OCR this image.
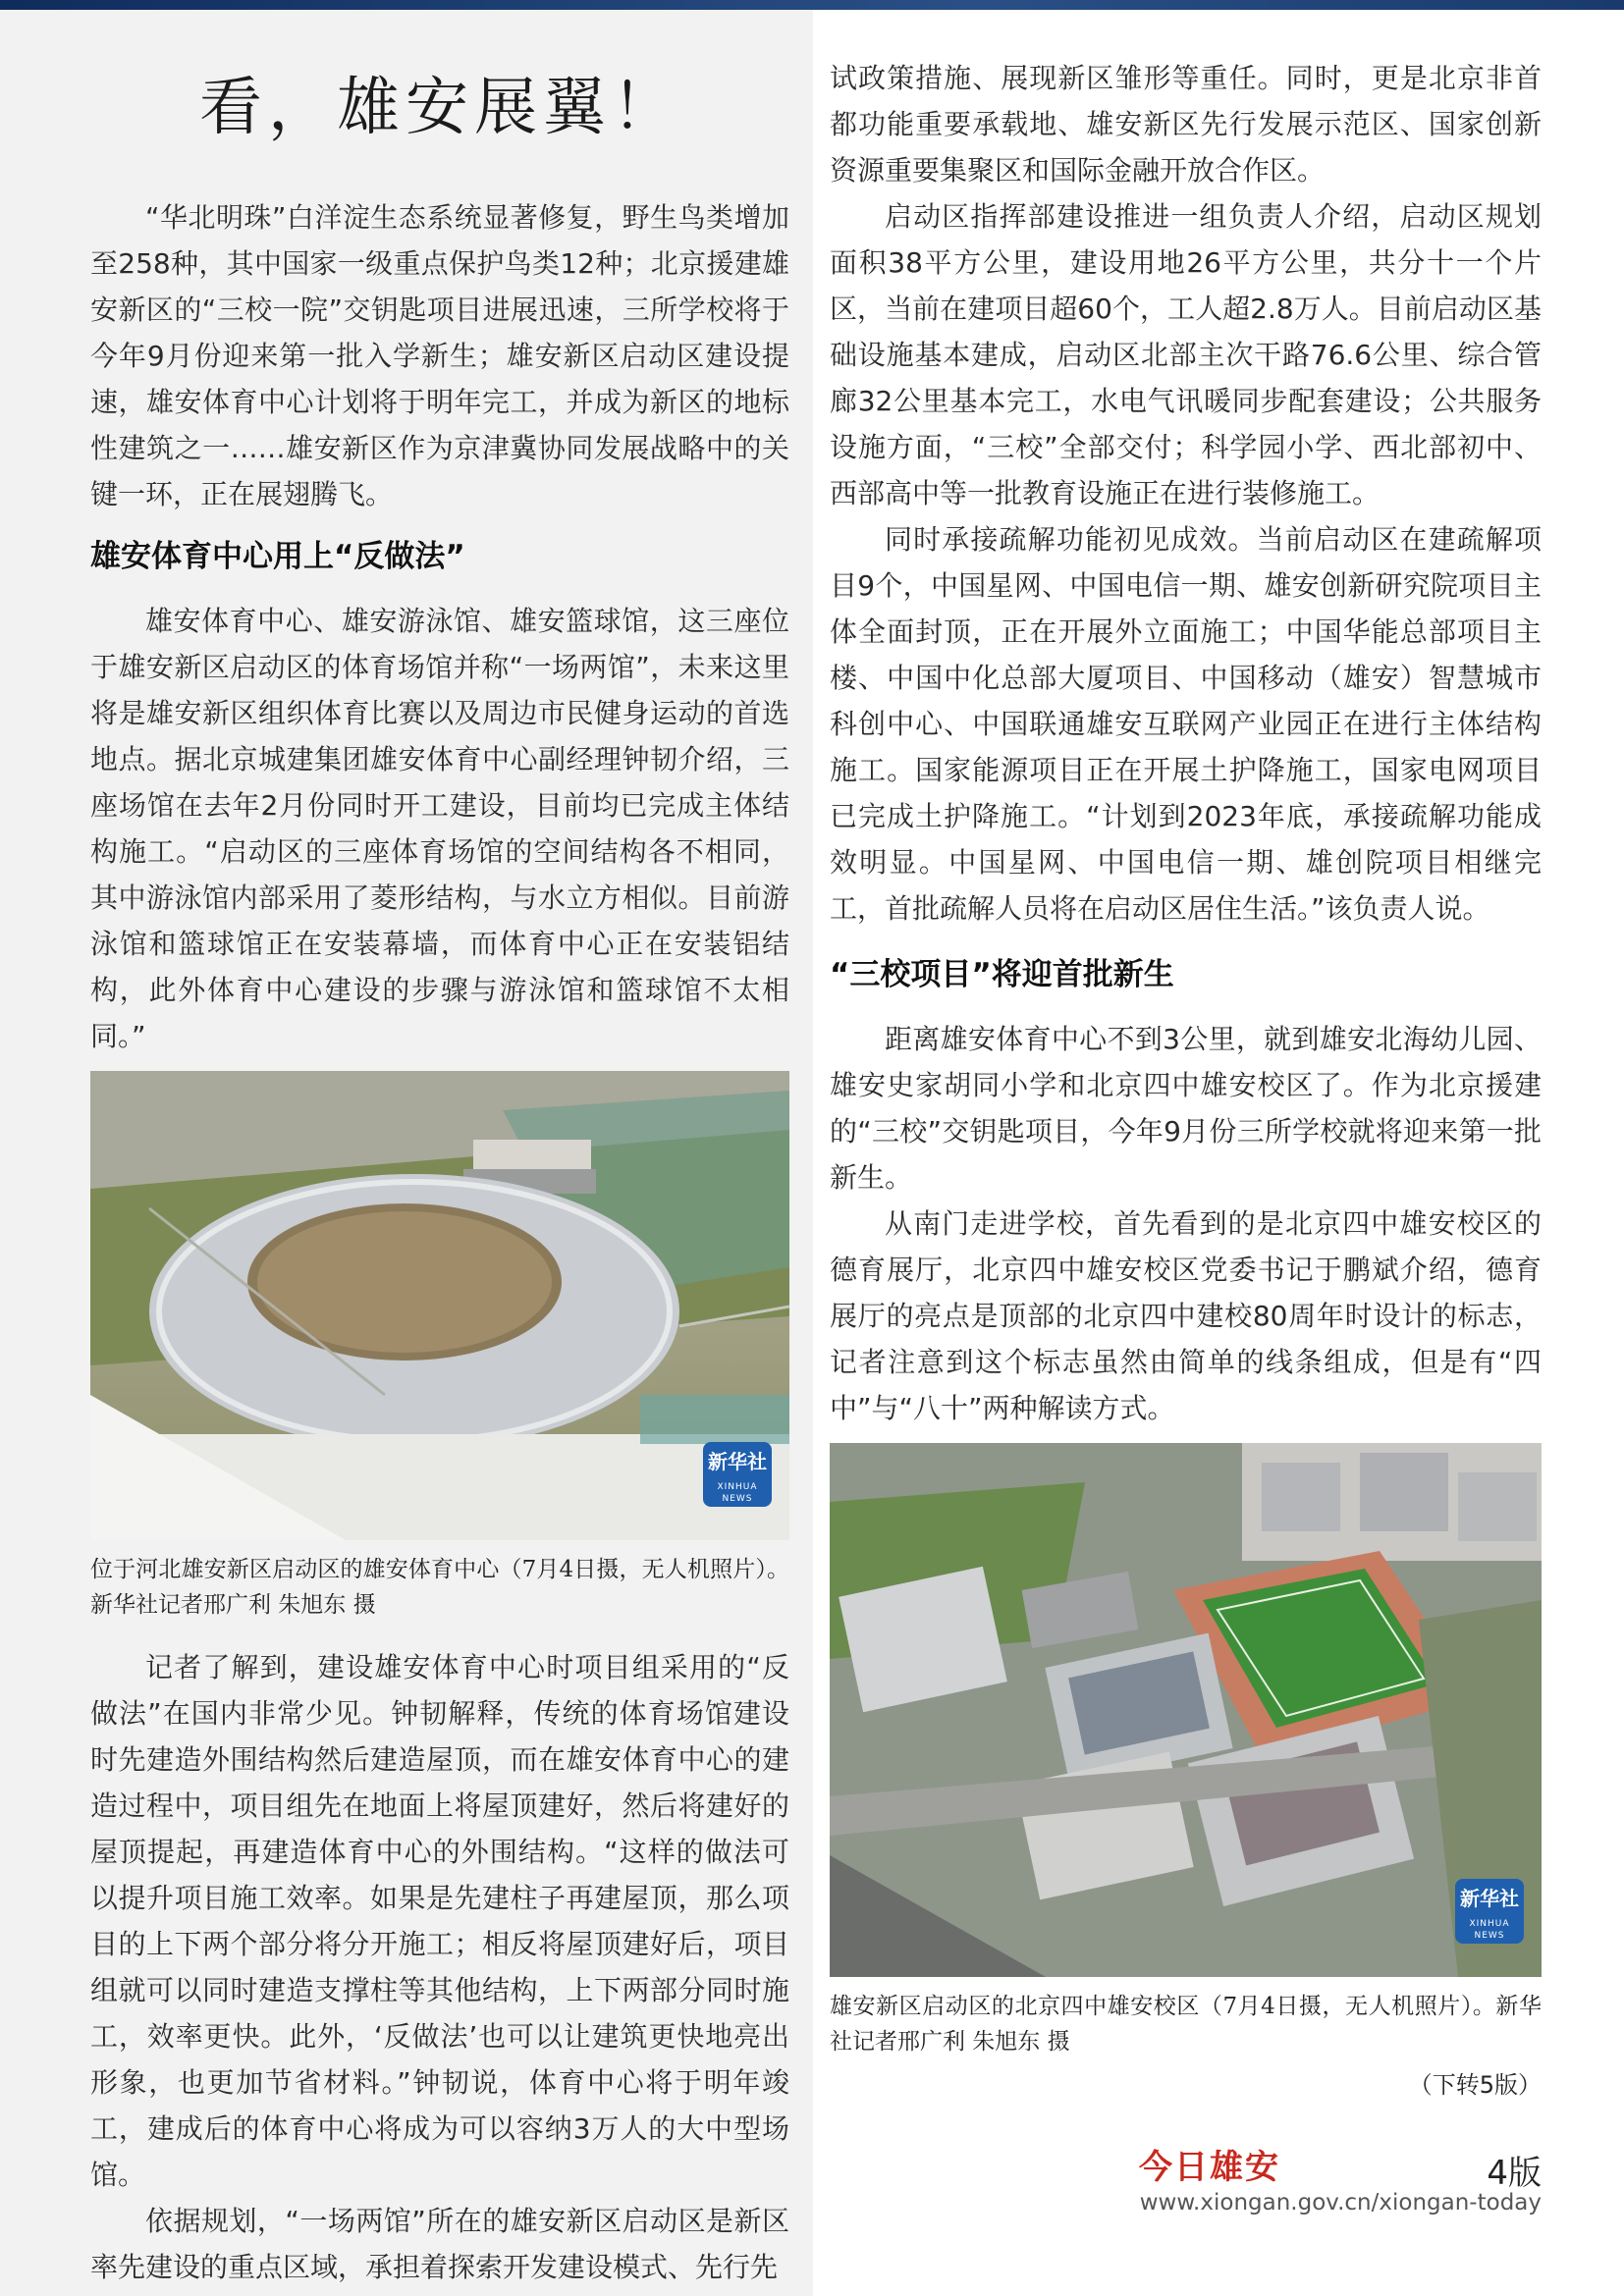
看，雄安展翼！

“华北明珠”白洋淀生态系统显著修复，野生鸟类增加至258种，其中国家一级重点保护鸟类12种；北京援建雄安新区的“三校一院”交钥匙项目进展迅速，三所学校将于今年9月份迎来第一批入学新生；雄安新区启动区建设提速，雄安体育中心计划将于明年完工，并成为新区的地标性建筑之一……雄安新区作为京津冀协同发展战略中的关键一环，正在展翅腾飞。

雄安体育中心用上“反做法”

雄安体育中心、雄安游泳馆、雄安篮球馆，这三座位于雄安新区启动区的体育场馆并称“一场两馆”，未来这里将是雄安新区组织体育比赛以及周边市民健身运动的首选地点。据北京城建集团雄安体育中心副经理钟韧介绍，三座场馆在去年2月份同时开工建设，目前均已完成主体结构施工。“启动区的三座体育场馆的空间结构各不相同，其中游泳馆内部采用了菱形结构，与水立方相似。目前游泳馆和篮球馆正在安装幕墙，而体育中心正在安装铝结构，此外体育中心建设的步骤与游泳馆和篮球馆不太相同。”

新华社
XINHUA NEWS
位于河北雄安新区启动区的雄安体育中心（7月4日摄，无人机照片）。新华社记者邢广利 朱旭东 摄

记者了解到，建设雄安体育中心时项目组采用的“反做法”在国内非常少见。钟韧解释，传统的体育场馆建设时先建造外围结构然后建造屋顶，而在雄安体育中心的建造过程中，项目组先在地面上将屋顶建好，然后将建好的屋顶提起，再建造体育中心的外围结构。“这样的做法可以提升项目施工效率。如果是先建柱子再建屋顶，那么项目的上下两个部分将分开施工；相反将屋顶建好后，项目组就可以同时建造支撑柱等其他结构，上下两部分同时施工，效率更快。此外，‘反做法’也可以让建筑更快地亮出形象，也更加节省材料。”钟韧说，体育中心将于明年竣工，建成后的体育中心将成为可以容纳3万人的大中型场馆。

依据规划，“一场两馆”所在的雄安新区启动区是新区率先建设的重点区域，承担着探索开发建设模式、先行先

试政策措施、展现新区雏形等重任。同时，更是北京非首都功能重要承载地、雄安新区先行发展示范区、国家创新资源重要集聚区和国际金融开放合作区。

启动区指挥部建设推进一组负责人介绍，启动区规划面积38平方公里，建设用地26平方公里，共分十一个片区，当前在建项目超60个，工人超2.8万人。目前启动区基础设施基本建成，启动区北部主次干路76.6公里、综合管廊32公里基本完工，水电气讯暖同步配套建设；公共服务设施方面，“三校”全部交付；科学园小学、西北部初中、西部高中等一批教育设施正在进行装修施工。

同时承接疏解功能初见成效。当前启动区在建疏解项目9个，中国星网、中国电信一期、雄安创新研究院项目主体全面封顶，正在开展外立面施工；中国华能总部项目主楼、中国中化总部大厦项目、中国移动（雄安）智慧城市科创中心、中国联通雄安互联网产业园正在进行主体结构施工。国家能源项目正在开展土护降施工，国家电网项目已完成土护降施工。“计划到2023年底，承接疏解功能成效明显。中国星网、中国电信一期、雄创院项目相继完工，首批疏解人员将在启动区居住生活。”该负责人说。

“三校项目”将迎首批新生

距离雄安体育中心不到3公里，就到雄安北海幼儿园、雄安史家胡同小学和北京四中雄安校区了。作为北京援建的“三校”交钥匙项目，今年9月份三所学校就将迎来第一批新生。

从南门走进学校，首先看到的是北京四中雄安校区的德育展厅，北京四中雄安校区党委书记于鹏斌介绍，德育展厅的亮点是顶部的北京四中建校80周年时设计的标志，记者注意到这个标志虽然由简单的线条组成，但是有“四中”与“八十”两种解读方式。

新华社
XINHUA NEWS
雄安新区启动区的北京四中雄安校区（7月4日摄，无人机照片）。新华社记者邢广利 朱旭东 摄
（下转5版）
今日雄安	4版
www.xiongan.gov.cn/xiongan-today
